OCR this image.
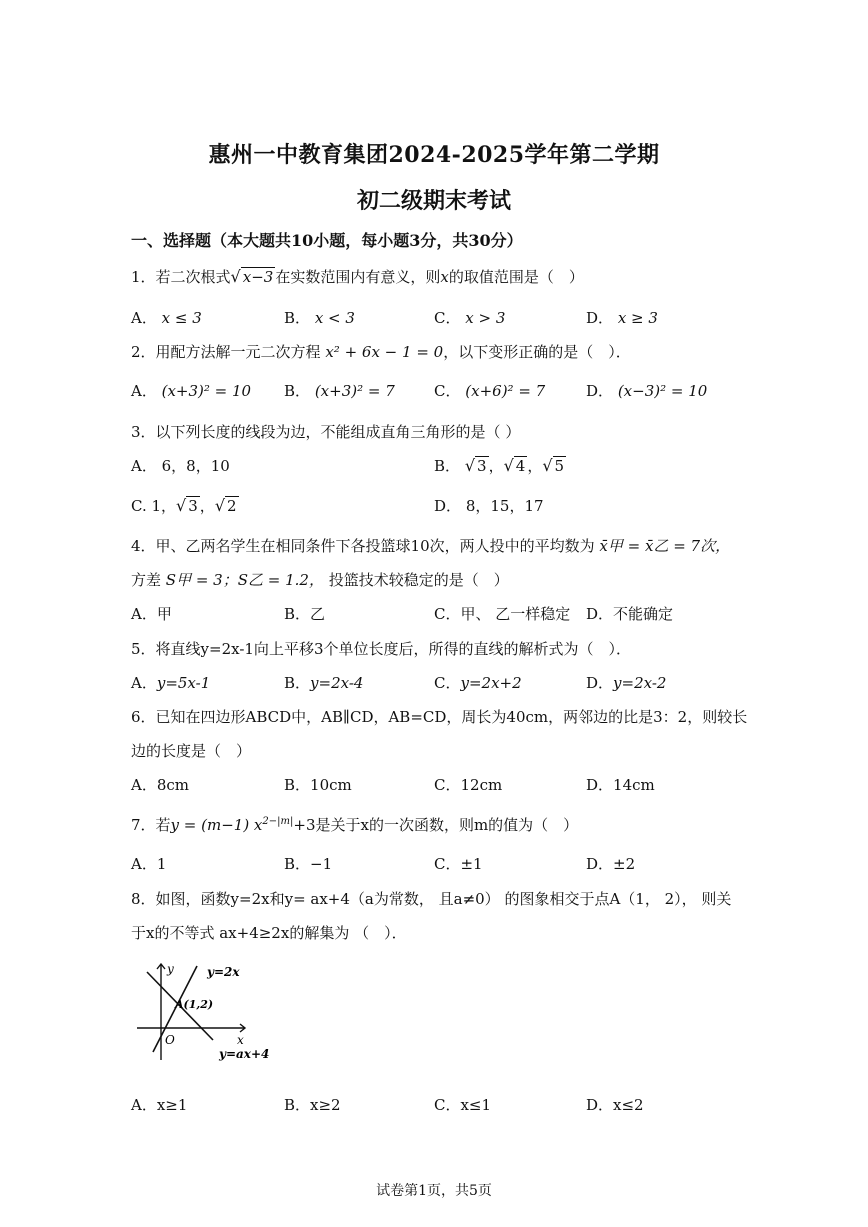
惠州一中教育集团2024-2025学年第二学期
初二级期末考试
一、选择题（本大题共10小题，每小题3分，共30分）
1．若二次根式√ x−3 在实数范围内有意义，则x的取值范围是（　）
A． x ≤ 3	B． x < 3	C． x > 3	D． x ≥ 3
2．用配方法解一元二次方程 x² + 6x − 1 = 0，以下变形正确的是（　）．
A． (x+3)² = 10 B． (x+3)² = 7	C． (x+6)² = 7	D． (x−3)² = 10
3．以下列长度的线段为边，不能组成直角三角形的是（ ）
A． 6，8，10	B． √ 3 ，√ 4 ，√ 5
C. 1，√ 3 ，√ 2	D． 8，15，17
4．甲、乙两名学生在相同条件下各投篮球10次，两人投中的平均数为 x̄甲 = x̄乙 = 7次，
方差 S甲 = 3；S乙 = 1.2， 投篮技术较稳定的是（　）
A．甲	B．乙	C．甲、 乙一样稳定 D．不能确定
5．将直线y=2x-1向上平移3个单位长度后，所得的直线的解析式为（　）．
A．y=5x-1	B．y=2x-4	C．y=2x+2	D．y=2x-2
6．已知在四边形ABCD中，AB∥CD，AB=CD，周长为40cm，两邻边的比是3：2，则较长
边的长度是（　）
A．8cm	B．10cm	C．12cm	D．14cm
7．若y = (m−1) $x^{2-|m|}+3$是关于x的一次函数，则m的值为（　）
A．1	B．−1	C．±1	D．±2
8．如图，函数y=2x和y= ax+4（a为常数， 且a≠0） 的图象相交于点A（1， 2）， 则关
于x的不等式 ax+4≥2x的解集为 （　）．
y
x
O
y=2x
A(1,2)
y=ax+4
A．x≥1	B．x≥2	C．x≤1	D．x≤2
试卷第1页，共5页
